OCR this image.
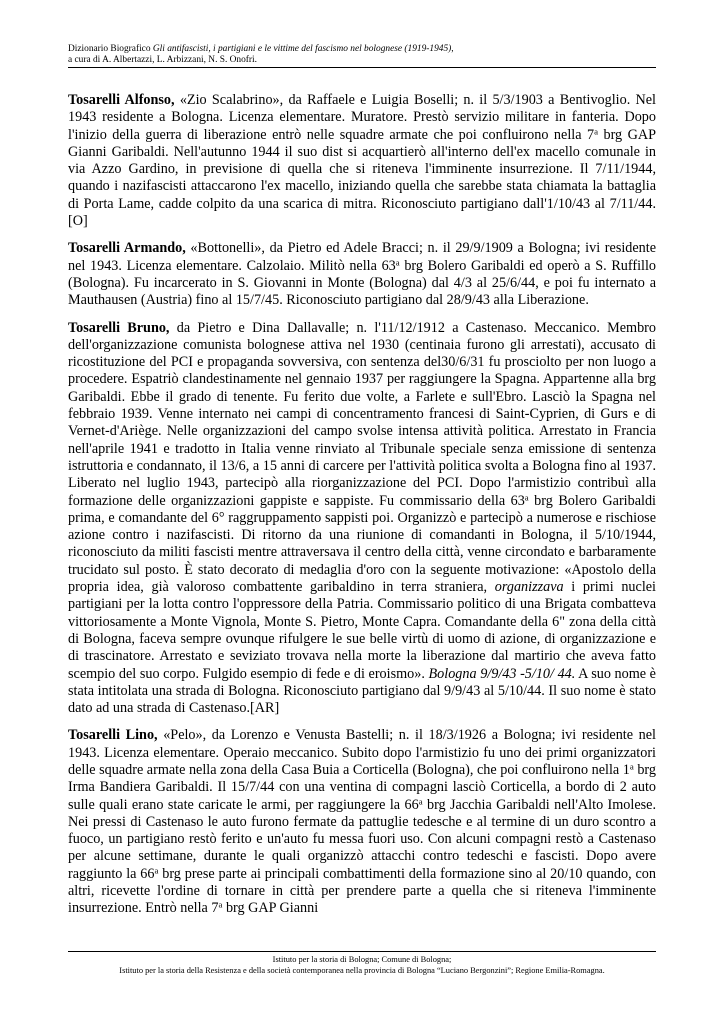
Dizionario Biografico Gli antifascisti, i partigiani e le vittime del fascismo nel bolognese (1919-1945),
a cura di A. Albertazzi, L. Arbizzani, N. S. Onofri.

Tosarelli Alfonso, «Zio Scalabrino», da Raffaele e Luigia Boselli; n. il 5/3/1903 a Bentivoglio. Nel 1943 residente a Bologna. Licenza elementare. Muratore. Prestò servizio militare in fanteria. Dopo l'inizio della guerra di liberazione entrò nelle squadre armate che poi confluirono nella 7$^a$ brg GAP Gianni Garibaldi. Nell'autunno 1944 il suo dist si acquartierò all'interno dell'ex macello comunale in via Azzo Gardino, in previsione di quella che si riteneva l'imminente insurrezione. Il 7/11/1944, quando i nazifascisti attaccarono l'ex macello, iniziando quella che sarebbe stata chiamata la battaglia di Porta Lame, cadde colpito da una scarica di mitra. Riconosciuto partigiano dall'1/10/43 al 7/11/44. [O]

Tosarelli Armando, «Bottonelli», da Pietro ed Adele Bracci; n. il 29/9/1909 a Bologna; ivi residente nel 1943. Licenza elementare. Calzolaio. Militò nella 63$^a$ brg Bolero Garibaldi ed operò a S. Ruffillo (Bologna). Fu incarcerato in S. Giovanni in Monte (Bologna) dal 4/3 al 25/6/44, e poi fu internato a Mauthausen (Austria) fino al 15/7/45. Riconosciuto partigiano dal 28/9/43 alla Liberazione.

Tosarelli Bruno, da Pietro e Dina Dallavalle; n. l'11/12/1912 a Castenaso. Meccanico. Membro dell'organizzazione comunista bolognese attiva nel 1930 (centinaia furono gli arrestati), accusato di ricostituzione del PCI e propaganda sovversiva, con sentenza del30/6/31 fu prosciolto per non luogo a procedere. Espatriò clandestinamente nel gennaio 1937 per raggiungere la Spagna. Appartenne alla brg Garibaldi. Ebbe il grado di tenente. Fu ferito due volte, a Farlete e sull'Ebro. Lasciò la Spagna nel febbraio 1939. Venne internato nei campi di concentramento francesi di Saint-Cyprien, di Gurs e di Vernet-d'Ariège. Nelle organizzazioni del campo svolse intensa attività politica. Arrestato in Francia nell'aprile 1941 e tradotto in Italia venne rinviato al Tribunale speciale senza emissione di sentenza istruttoria e condannato, il 13/6, a 15 anni di carcere per l'attività politica svolta a Bologna fino al 1937. Liberato nel luglio 1943, partecipò alla riorganizzazione del PCI. Dopo l'armistizio contribuì alla formazione delle organizzazioni gappiste e sappiste. Fu commissario della 63$^a$ brg Bolero Garibaldi prima, e comandante del 6° raggruppamento sappisti poi. Organizzò e partecipò a numerose e rischiose azione contro i nazifascisti. Di ritorno da una riunione di comandanti in Bologna, il 5/10/1944, riconosciuto da militi fascisti mentre attraversava il centro della città, venne circondato e barbaramente trucidato sul posto. È stato decorato di medaglia d'oro con la seguente motivazione: «Apostolo della propria idea, già valoroso combattente garibaldino in terra straniera, organizzava i primi nuclei partigiani per la lotta contro l'oppressore della Patria. Commissario politico di una Brigata combatteva vittoriosamente a Monte Vignola, Monte S. Pietro, Monte Capra. Comandante della 6" zona della città di Bologna, faceva sempre ovunque rifulgere le sue belle virtù di uomo di azione, di organizzazione e di trascinatore. Arrestato e seviziato trovava nella morte la liberazione dal martirio che aveva fatto scempio del suo corpo. Fulgido esempio di fede e di eroismo». Bologna 9/9/43 -5/10/ 44. A suo nome è stata intitolata una strada di Bologna. Riconosciuto partigiano dal 9/9/43 al 5/10/44. Il suo nome è stato dato ad una strada di Castenaso.[AR]

Tosarelli Lino, «Pelo», da Lorenzo e Venusta Bastelli; n. il 18/3/1926 a Bologna; ivi residente nel 1943. Licenza elementare. Operaio meccanico. Subito dopo l'armistizio fu uno dei primi organizzatori delle squadre armate nella zona della Casa Buia a Corticella (Bologna), che poi confluirono nella 1$^a$ brg Irma Bandiera Garibaldi. Il 15/7/44 con una ventina di compagni lasciò Corticella, a bordo di 2 auto sulle quali erano state caricate le armi, per raggiungere la 66$^a$ brg Jacchia Garibaldi nell'Alto Imolese. Nei pressi di Castenaso le auto furono fermate da pattuglie tedesche e al termine di un duro scontro a fuoco, un partigiano restò ferito e un'auto fu messa fuori uso. Con alcuni compagni restò a Castenaso per alcune settimane, durante le quali organizzò attacchi contro tedeschi e fascisti. Dopo avere raggiunto la 66$^a$ brg prese parte ai principali combattimenti della formazione sino al 20/10 quando, con altri, ricevette l'ordine di tornare in città per prendere parte a quella che si riteneva l'imminente insurrezione. Entrò nella 7$^a$ brg GAP Gianni

Istituto per la storia di Bologna; Comune di Bologna;
Istituto per la storia della Resistenza e della società contemporanea nella provincia di Bologna “Luciano Bergonzini”; Regione Emilia-Romagna.
